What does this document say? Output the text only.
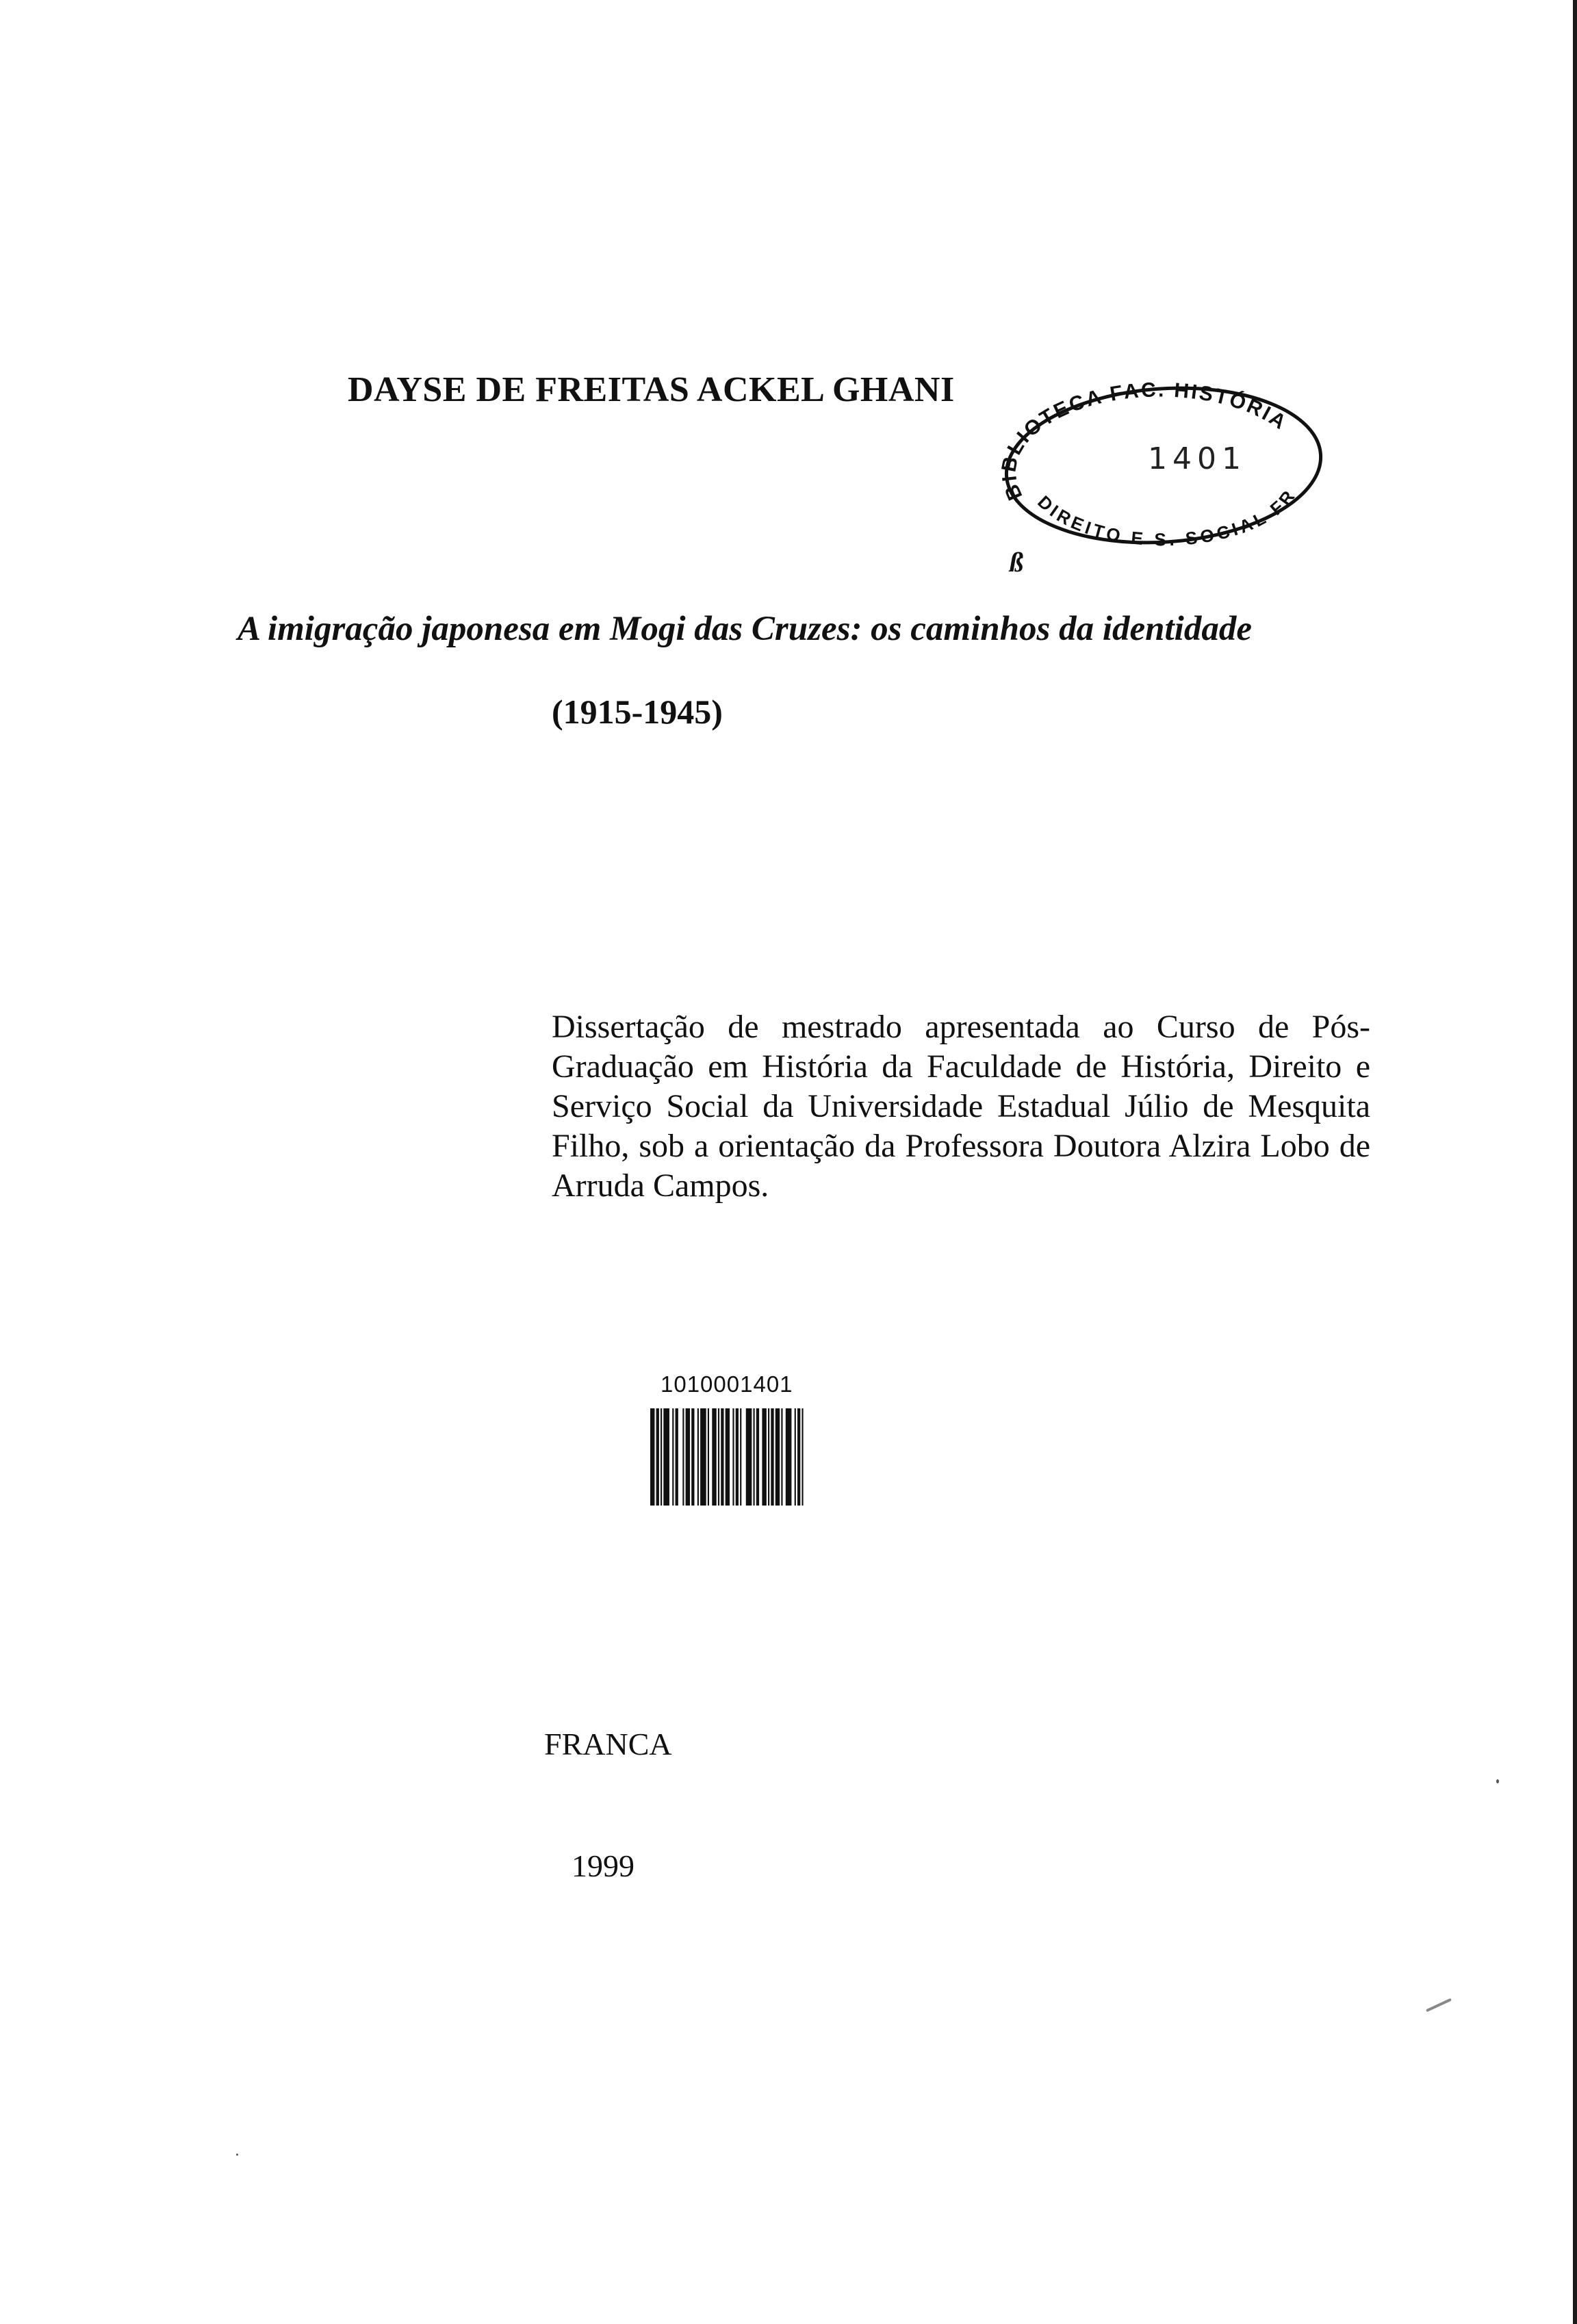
DAYSE DE FREITAS ACKEL GHANI
BIBLIOTECA FAC. HISTÓRIA
DIREITO E S. SOCIAL FR
1401
ß
A imigração japonesa em Mogi das Cruzes: os caminhos da identidade
(1915-1945)
Dissertação de mestrado apresentada ao Curso de Pós-Graduação em História da Faculdade de História, Direito e Serviço Social da Universidade Estadual Júlio de Mesquita Filho, sob a orientação da Professora Doutora Alzira Lobo de Arruda Campos.
1010001401
FRANCA
1999
